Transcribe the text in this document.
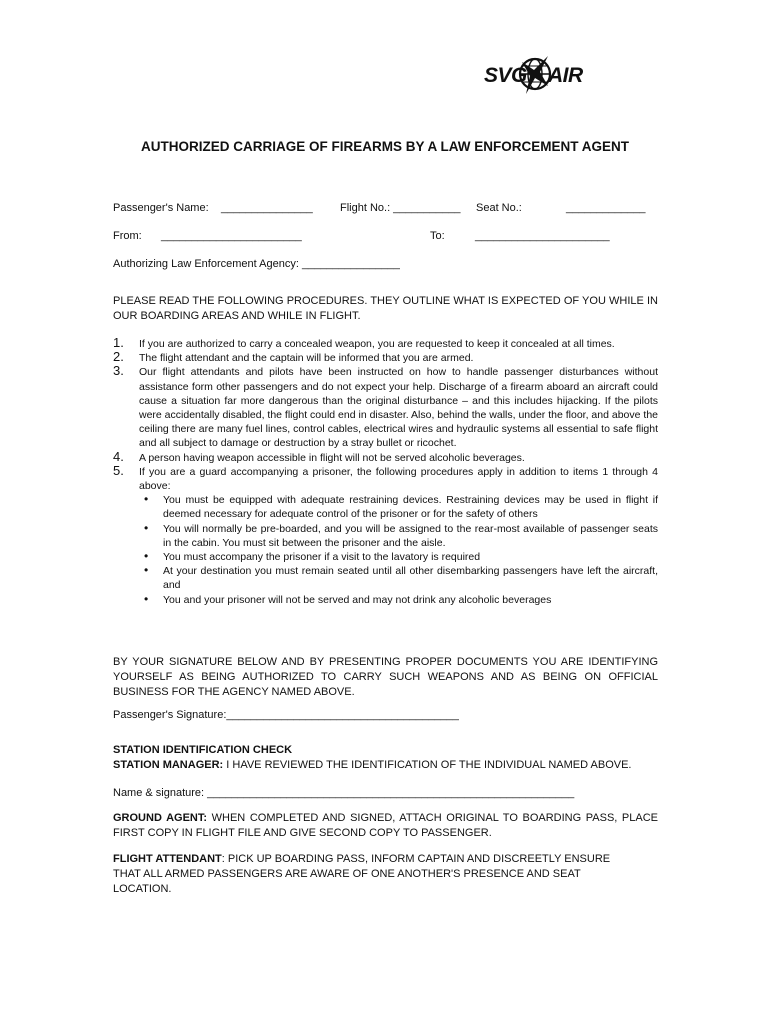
SVG AIR
AUTHORIZED CARRIAGE OF FIREARMS BY A LAW ENFORCEMENT AGENT
Passenger's Name: _______________ Flight No.: ___________ Seat No.:	_____________
From: _______________________	To:	______________________
Authorizing Law Enforcement Agency: ________________
PLEASE READ THE FOLLOWING PROCEDURES. THEY OUTLINE WHAT IS EXPECTED OF YOU WHILE IN OUR BOARDING AREAS AND WHILE IN FLIGHT.
1. If you are authorized to carry a concealed weapon, you are requested to keep it concealed at all times.
2. The flight attendant and the captain will be informed that you are armed.
3. Our flight attendants and pilots have been instructed on how to handle passenger disturbances without assistance form other passengers and do not expect your help. Discharge of a firearm aboard an aircraft could cause a situation far more dangerous than the original disturbance – and this includes hijacking. If the pilots were accidentally disabled, the flight could end in disaster. Also, behind the walls, under the floor, and above the ceiling there are many fuel lines, control cables, electrical wires and hydraulic systems all essential to safe flight and all subject to damage or destruction by a stray bullet or ricochet.
4. A person having weapon accessible in flight will not be served alcoholic beverages.
5. If you are a guard accompanying a prisoner, the following procedures apply in addition to items 1 through 4 above:
• You must be equipped with adequate restraining devices. Restraining devices may be used in flight if deemed necessary for adequate control of the prisoner or for the safety of others
• You will normally be pre-boarded, and you will be assigned to the rear-most available of passenger seats in the cabin. You must sit between the prisoner and the aisle.
• You must accompany the prisoner if a visit to the lavatory is required
• At your destination you must remain seated until all other disembarking passengers have left the aircraft, and
• You and your prisoner will not be served and may not drink any alcoholic beverages
BY YOUR SIGNATURE BELOW AND BY PRESENTING PROPER DOCUMENTS YOU ARE IDENTIFYING YOURSELF AS BEING AUTHORIZED TO CARRY SUCH WEAPONS AND AS BEING ON OFFICIAL BUSINESS FOR THE AGENCY NAMED ABOVE.
Passenger's Signature:______________________________________
STATION IDENTIFICATION CHECK
STATION MANAGER: I HAVE REVIEWED THE IDENTIFICATION OF THE INDIVIDUAL NAMED ABOVE.
Name & signature: ____________________________________________________________
GROUND AGENT: WHEN COMPLETED AND SIGNED, ATTACH ORIGINAL TO BOARDING PASS, PLACE FIRST COPY IN FLIGHT FILE AND GIVE SECOND COPY TO PASSENGER.
FLIGHT ATTENDANT: PICK UP BOARDING PASS, INFORM CAPTAIN AND DISCREETLY ENSURE THAT ALL ARMED PASSENGERS ARE AWARE OF ONE ANOTHER'S PRESENCE AND SEAT LOCATION.
